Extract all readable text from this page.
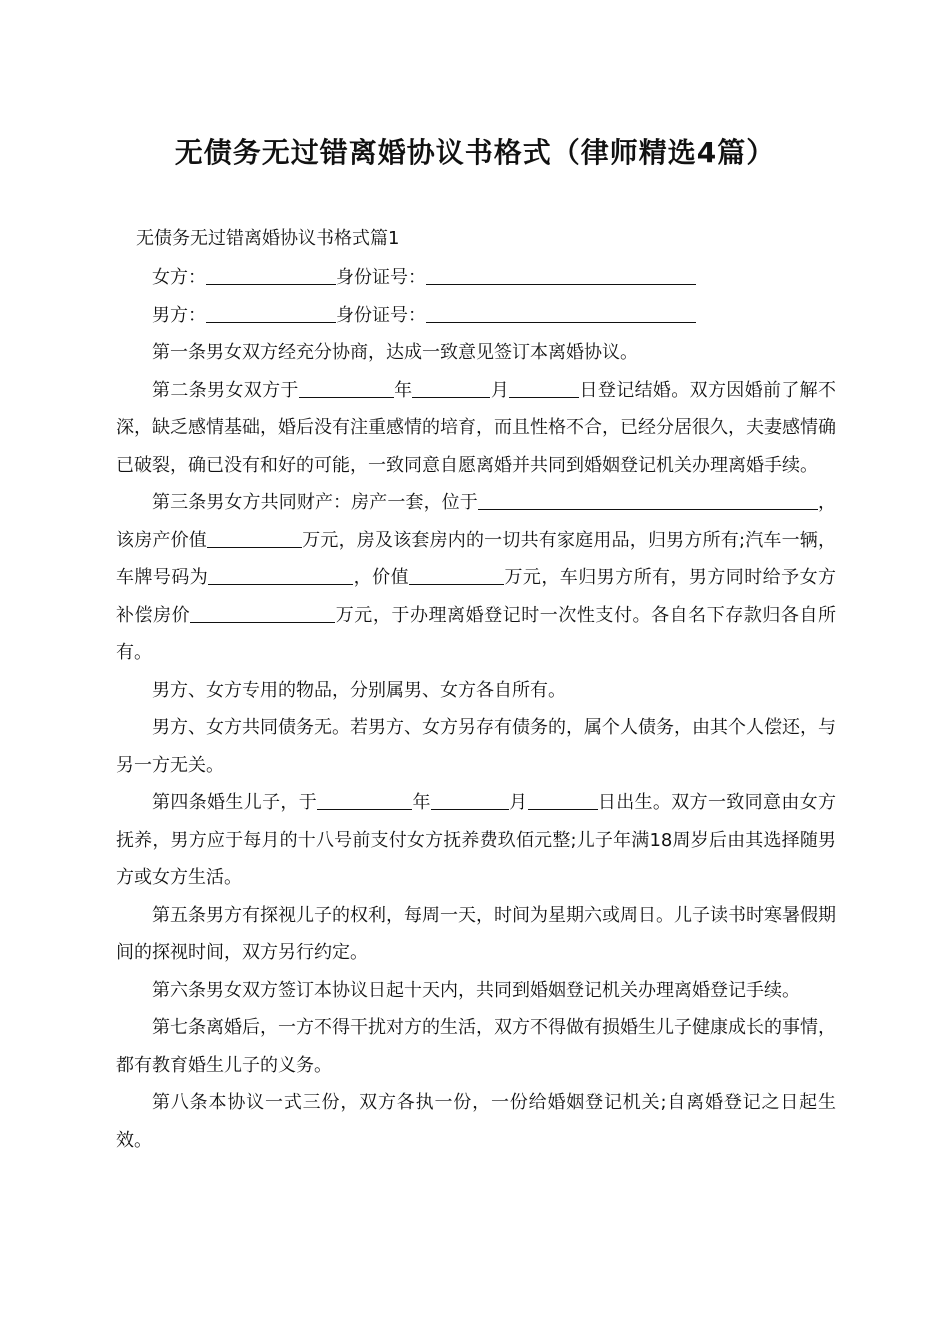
无债务无过错离婚协议书格式（律师精选4篇）

无债务无过错离婚协议书格式篇1

女方：	身份证号：

男方：	身份证号：

第一条男女双方经充分协商，达成一致意见签订本离婚协议。

第二条男女双方于	年	月	日登记结婚。双方因婚前了解不深，缺乏感情基础，婚后没有注重感情的培育，而且性格不合，已经分居很久，夫妻感情确已破裂，确已没有和好的可能，一致同意自愿离婚并共同到婚姻登记机关办理离婚手续。

第三条男女方共同财产：房产一套，位于	，该房产价值	万元，房及该套房内的一切共有家庭用品，归男方所有;汽车一辆，车牌号码为	，价值	万元，车归男方所有，男方同时给予女方补偿房价	万元，于办理离婚登记时一次性支付。各自名下存款归各自所有。

男方、女方专用的物品，分别属男、女方各自所有。

男方、女方共同债务无。若男方、女方另存有债务的，属个人债务，由其个人偿还，与另一方无关。

第四条婚生儿子，于	年	月	日出生。双方一致同意由女方抚养，男方应于每月的十八号前支付女方抚养费玖佰元整;儿子年满18周岁后由其选择随男方或女方生活。

第五条男方有探视儿子的权利，每周一天，时间为星期六或周日。儿子读书时寒暑假期间的探视时间，双方另行约定。

第六条男女双方签订本协议日起十天内，共同到婚姻登记机关办理离婚登记手续。

第七条离婚后，一方不得干扰对方的生活，双方不得做有损婚生儿子健康成长的事情，都有教育婚生儿子的义务。

第八条本协议一式三份，双方各执一份，一份给婚姻登记机关;自离婚登记之日起生效。
